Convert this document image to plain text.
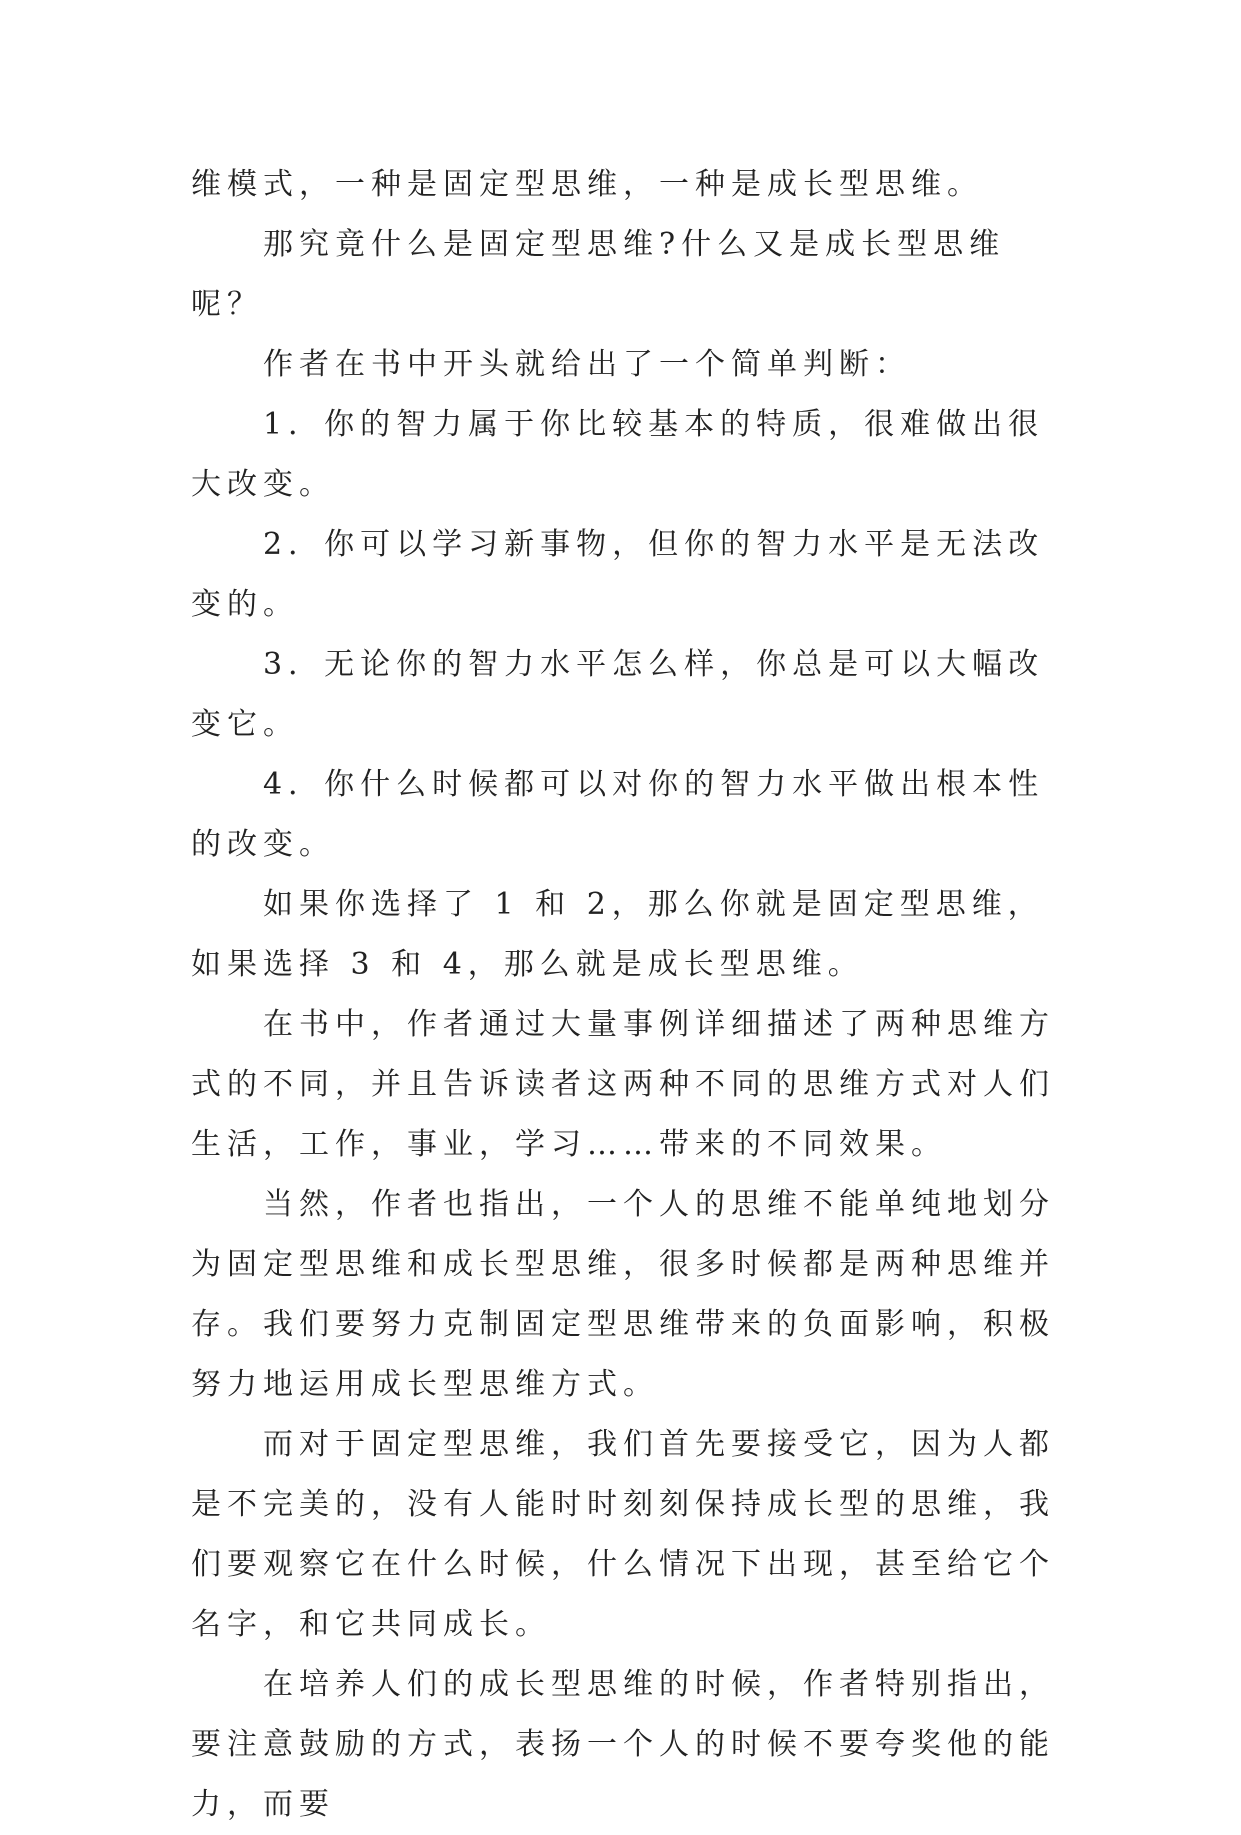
维模式，一种是固定型思维，一种是成长型思维。

那究竟什么是固定型思维?什么又是成长型思维呢？

作者在书中开头就给出了一个简单判断：

1．你的智力属于你比较基本的特质，很难做出很大改变。

2．你可以学习新事物，但你的智力水平是无法改变的。

3．无论你的智力水平怎么样，你总是可以大幅改变它。

4．你什么时候都可以对你的智力水平做出根本性的改变。

如果你选择了 1 和 2，那么你就是固定型思维，如果选择 3 和 4，那么就是成长型思维。

在书中，作者通过大量事例详细描述了两种思维方式的不同，并且告诉读者这两种不同的思维方式对人们生活，工作，事业，学习……带来的不同效果。

当然，作者也指出，一个人的思维不能单纯地划分为固定型思维和成长型思维，很多时候都是两种思维并存。我们要努力克制固定型思维带来的负面影响，积极努力地运用成长型思维方式。

而对于固定型思维，我们首先要接受它，因为人都是不完美的，没有人能时时刻刻保持成长型的思维，我们要观察它在什么时候，什么情况下出现，甚至给它个名字，和它共同成长。

在培养人们的成长型思维的时候，作者特别指出，要注意鼓励的方式，表扬一个人的时候不要夸奖他的能力，而要
